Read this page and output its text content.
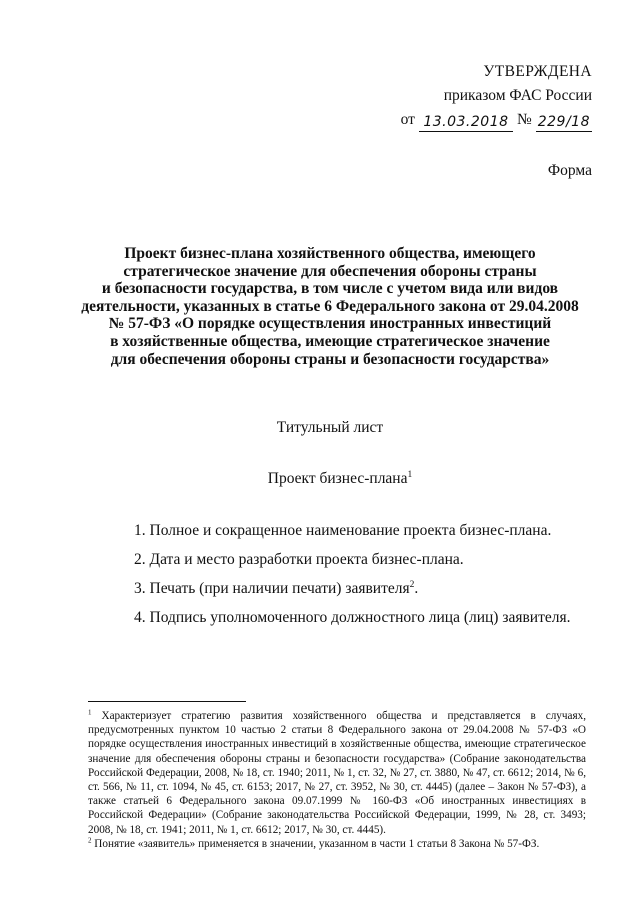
УТВЕРЖДЕНА
приказом ФАС России
от 13.03.2018 № 229/18
Форма
Проект бизнес-плана хозяйственного общества, имеющего
стратегическое значение для обеспечения обороны страны
и безопасности государства, в том числе с учетом вида или видов
деятельности, указанных в статье 6 Федерального закона от 29.04.2008
№ 57-ФЗ «О порядке осуществления иностранных инвестиций
в хозяйственные общества, имеющие стратегическое значение
для обеспечения обороны страны и безопасности государства»
Титульный лист
Проект бизнес-плана$^1$
1. Полное и сокращенное наименование проекта бизнес-плана.
2. Дата и место разработки проекта бизнес-плана.
3. Печать (при наличии печати) заявителя$^2$.
4. Подпись уполномоченного должностного лица (лиц) заявителя.

$^1$ Характеризует стратегию развития хозяйственного общества и представляется в случаях, предусмотренных пунктом 10 частью 2 статьи 8 Федерального закона от 29.04.2008 № 57-ФЗ «О порядке осуществления иностранных инвестиций в хозяйственные общества, имеющие стратегическое значение для обеспечения обороны страны и безопасности государства» (Собрание законодательства Российской Федерации, 2008, № 18, ст. 1940; 2011, № 1, ст. 32, № 27, ст. 3880, № 47, ст. 6612; 2014, № 6, ст. 566, № 11, ст. 1094, № 45, ст. 6153; 2017, № 27, ст. 3952, № 30, ст. 4445) (далее – Закон № 57-ФЗ), а также статьей 6 Федерального закона 09.07.1999 № 160-ФЗ «Об иностранных инвестициях в Российской Федерации» (Собрание законодательства Российской Федерации, 1999, № 28, ст. 3493; 2008, № 18, ст. 1941; 2011, № 1, ст. 6612; 2017, № 30, ст. 4445).

$^2$ Понятие «заявитель» применяется в значении, указанном в части 1 статьи 8 Закона № 57-ФЗ.
